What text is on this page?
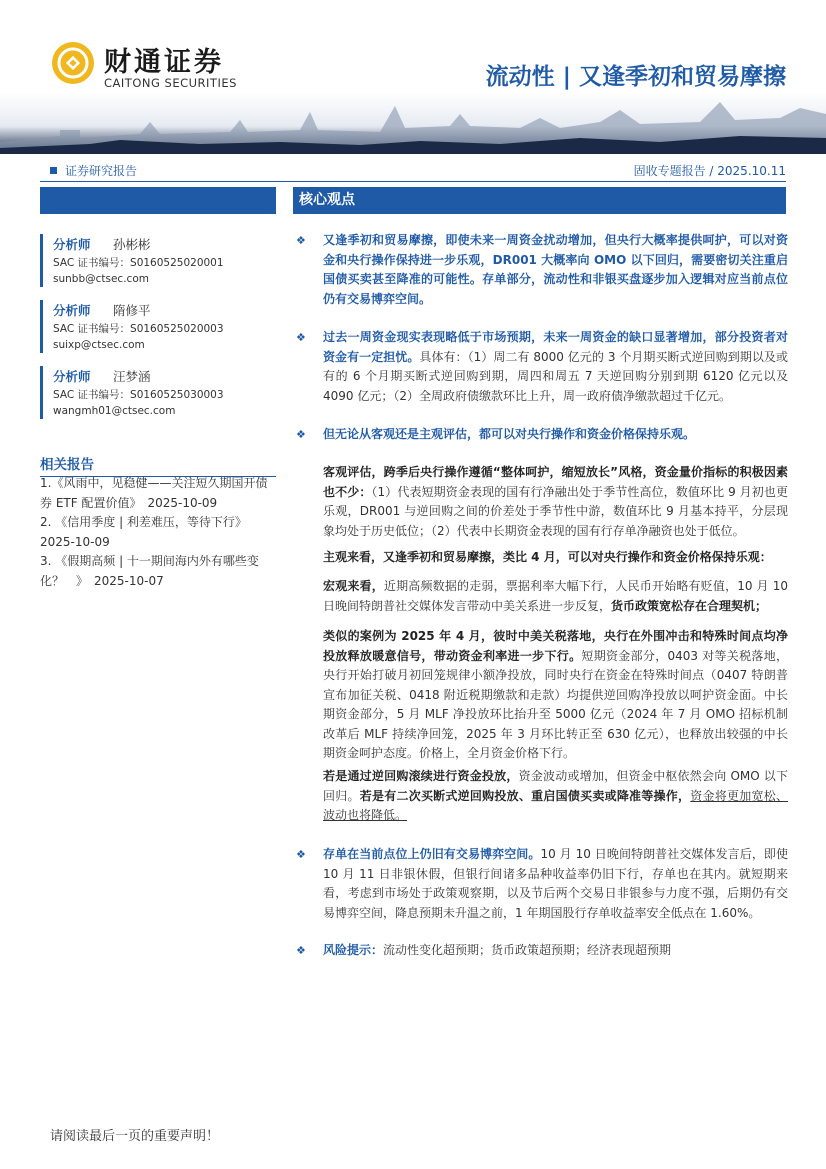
财通证券
CAITONG SECURITIES	流动性 | 又逢季初和贸易摩擦
证券研究报告	固收专题报告 / 2025.10.11
分析师 孙彬彬
SAC 证书编号：S0160525020001
sunbb@ctsec.com
分析师 隋修平
SAC 证书编号：S0160525020003
suixp@ctsec.com
分析师 汪梦涵
SAC 证书编号：S0160525030003
wangmh01@ctsec.com
相关报告
1.《风雨中，见稳健——关注短久期国开债
券 ETF 配置价值》　2025-10-09
2. 《信用季度 | 利差难压，等待下行》
2025-10-09
3. 《假期高频 | 十一期间海内外有哪些变
化？　》　2025-10-07
核心观点
❖ 又逢季初和贸易摩擦，即使未来一周资金扰动增加，但央行大概率提供呵护，可以对资金和央行操作保持进一步乐观，DR001 大概率向 OMO 以下回归，需要密切关注重启国债买卖甚至降准的可能性。存单部分，流动性和非银买盘逐步加入逻辑对应当前点位仍有交易博弈空间。
❖ 过去一周资金现实表现略低于市场预期，未来一周资金的缺口显著增加，部分投资者对资金有一定担忧。具体有：（1）周二有 8000 亿元的 3 个月期买断式逆回购到期以及或有的 6 个月期买断式逆回购到期，周四和周五 7 天逆回购分别到期 6120 亿元以及 4090 亿元；（2）全周政府债缴款环比上升，周一政府债净缴款超过千亿元。
❖ 但无论从客观还是主观评估，都可以对央行操作和资金价格保持乐观。
客观评估，跨季后央行操作遵循“整体呵护，缩短放长”风格，资金量价指标的积极因素也不少：（1）代表短期资金表现的国有行净融出处于季节性高位，数值环比 9 月初也更乐观，DR001 与逆回购之间的价差处于季节性中游，数值环比 9 月基本持平，分层现象均处于历史低位；（2）代表中长期资金表现的国有行存单净融资也处于低位。
主观来看，又逢季初和贸易摩擦，类比 4 月，可以对央行操作和资金价格保持乐观：
宏观来看，近期高频数据的走弱，票据利率大幅下行，人民币开始略有贬值，10 月 10 日晚间特朗普社交媒体发言带动中美关系进一步反复，货币政策宽松存在合理契机；
类似的案例为 2025 年 4 月，彼时中美关税落地，央行在外围冲击和特殊时间点均净投放释放暖意信号，带动资金利率进一步下行。短期资金部分，0403 对等关税落地，央行开始打破月初回笼规律小额净投放，同时央行在资金在特殊时间点（0407 特朗普宣布加征关税、0418 附近税期缴款和走款）均提供逆回购净投放以呵护资金面。中长期资金部分，5 月 MLF 净投放环比抬升至 5000 亿元（2024 年 7 月 OMO 招标机制改革后 MLF 持续净回笼，2025 年 3 月环比转正至 630 亿元），也释放出较强的中长期资金呵护态度。价格上，全月资金价格下行。
若是通过逆回购滚续进行资金投放，资金波动或增加，但资金中枢依然会向 OMO 以下回归。若是有二次买断式逆回购投放、重启国债买卖或降准等操作，资金将更加宽松、波动也将降低。
❖ 存单在当前点位上仍旧有交易博弈空间。10 月 10 日晚间特朗普社交媒体发言后，即使 10 月 11 日非银休假，但银行间诸多品种收益率仍旧下行，存单也在其内。就短期来看，考虑到市场处于政策观察期，以及节后两个交易日非银参与力度不强，后期仍有交易博弈空间，降息预期未升温之前，1 年期国股行存单收益率安全低点在 1.60%。
❖ 风险提示：流动性变化超预期；货币政策超预期；经济表现超预期
请阅读最后一页的重要声明！
